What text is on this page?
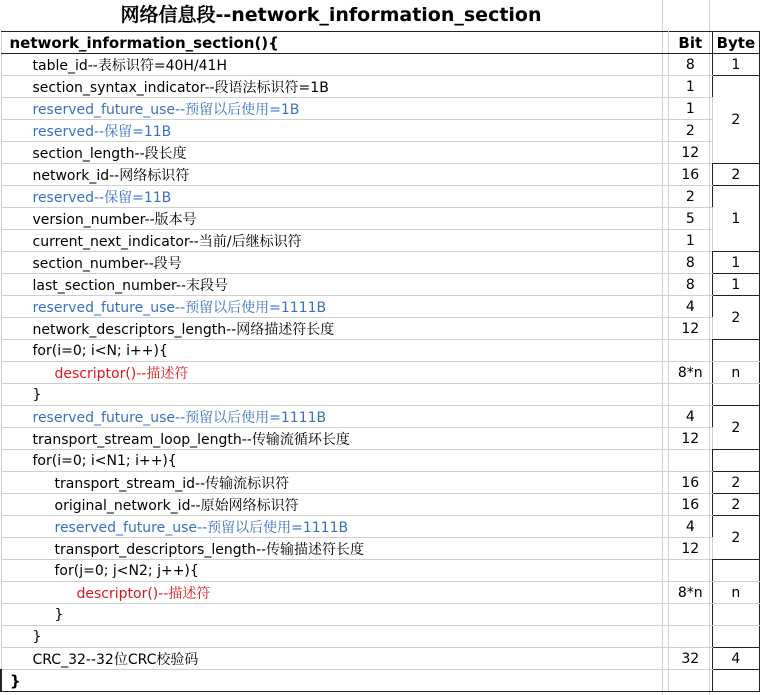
网络信息段--network_information_section
network_information_section(){	Bit	Byte
table_id--表标识符=40H/41H	8	1
section_syntax_indicator--段语法标识符=1B	1	2
reserved_future_use--预留以后使用=1B	1	
reserved--保留=11B	2	
section_length--段长度	12	
network_id--网络标识符	16	2
reserved--保留=11B	2	1
version_number--版本号	5	
current_next_indicator--当前/后继标识符	1	
section_number--段号	8	1
last_section_number--末段号	8	1
reserved_future_use--预留以后使用=1111B	4	2
network_descriptors_length--网络描述符长度	12	
for(i=0; i<N; i++){		
descriptor()--描述符	8*n	n
}		
reserved_future_use--预留以后使用=1111B	4	2
transport_stream_loop_length--传输流循环长度	12	
for(i=0; i<N1; i++){		
transport_stream_id--传输流标识符	16	2
original_network_id--原始网络标识符	16	2
reserved_future_use--预留以后使用=1111B	4	2
transport_descriptors_length--传输描述符长度	12	
for(j=0; j<N2; j++){		
descriptor()--描述符	8*n	n
}		
}		
CRC_32--32位CRC校验码	32	4
}		
